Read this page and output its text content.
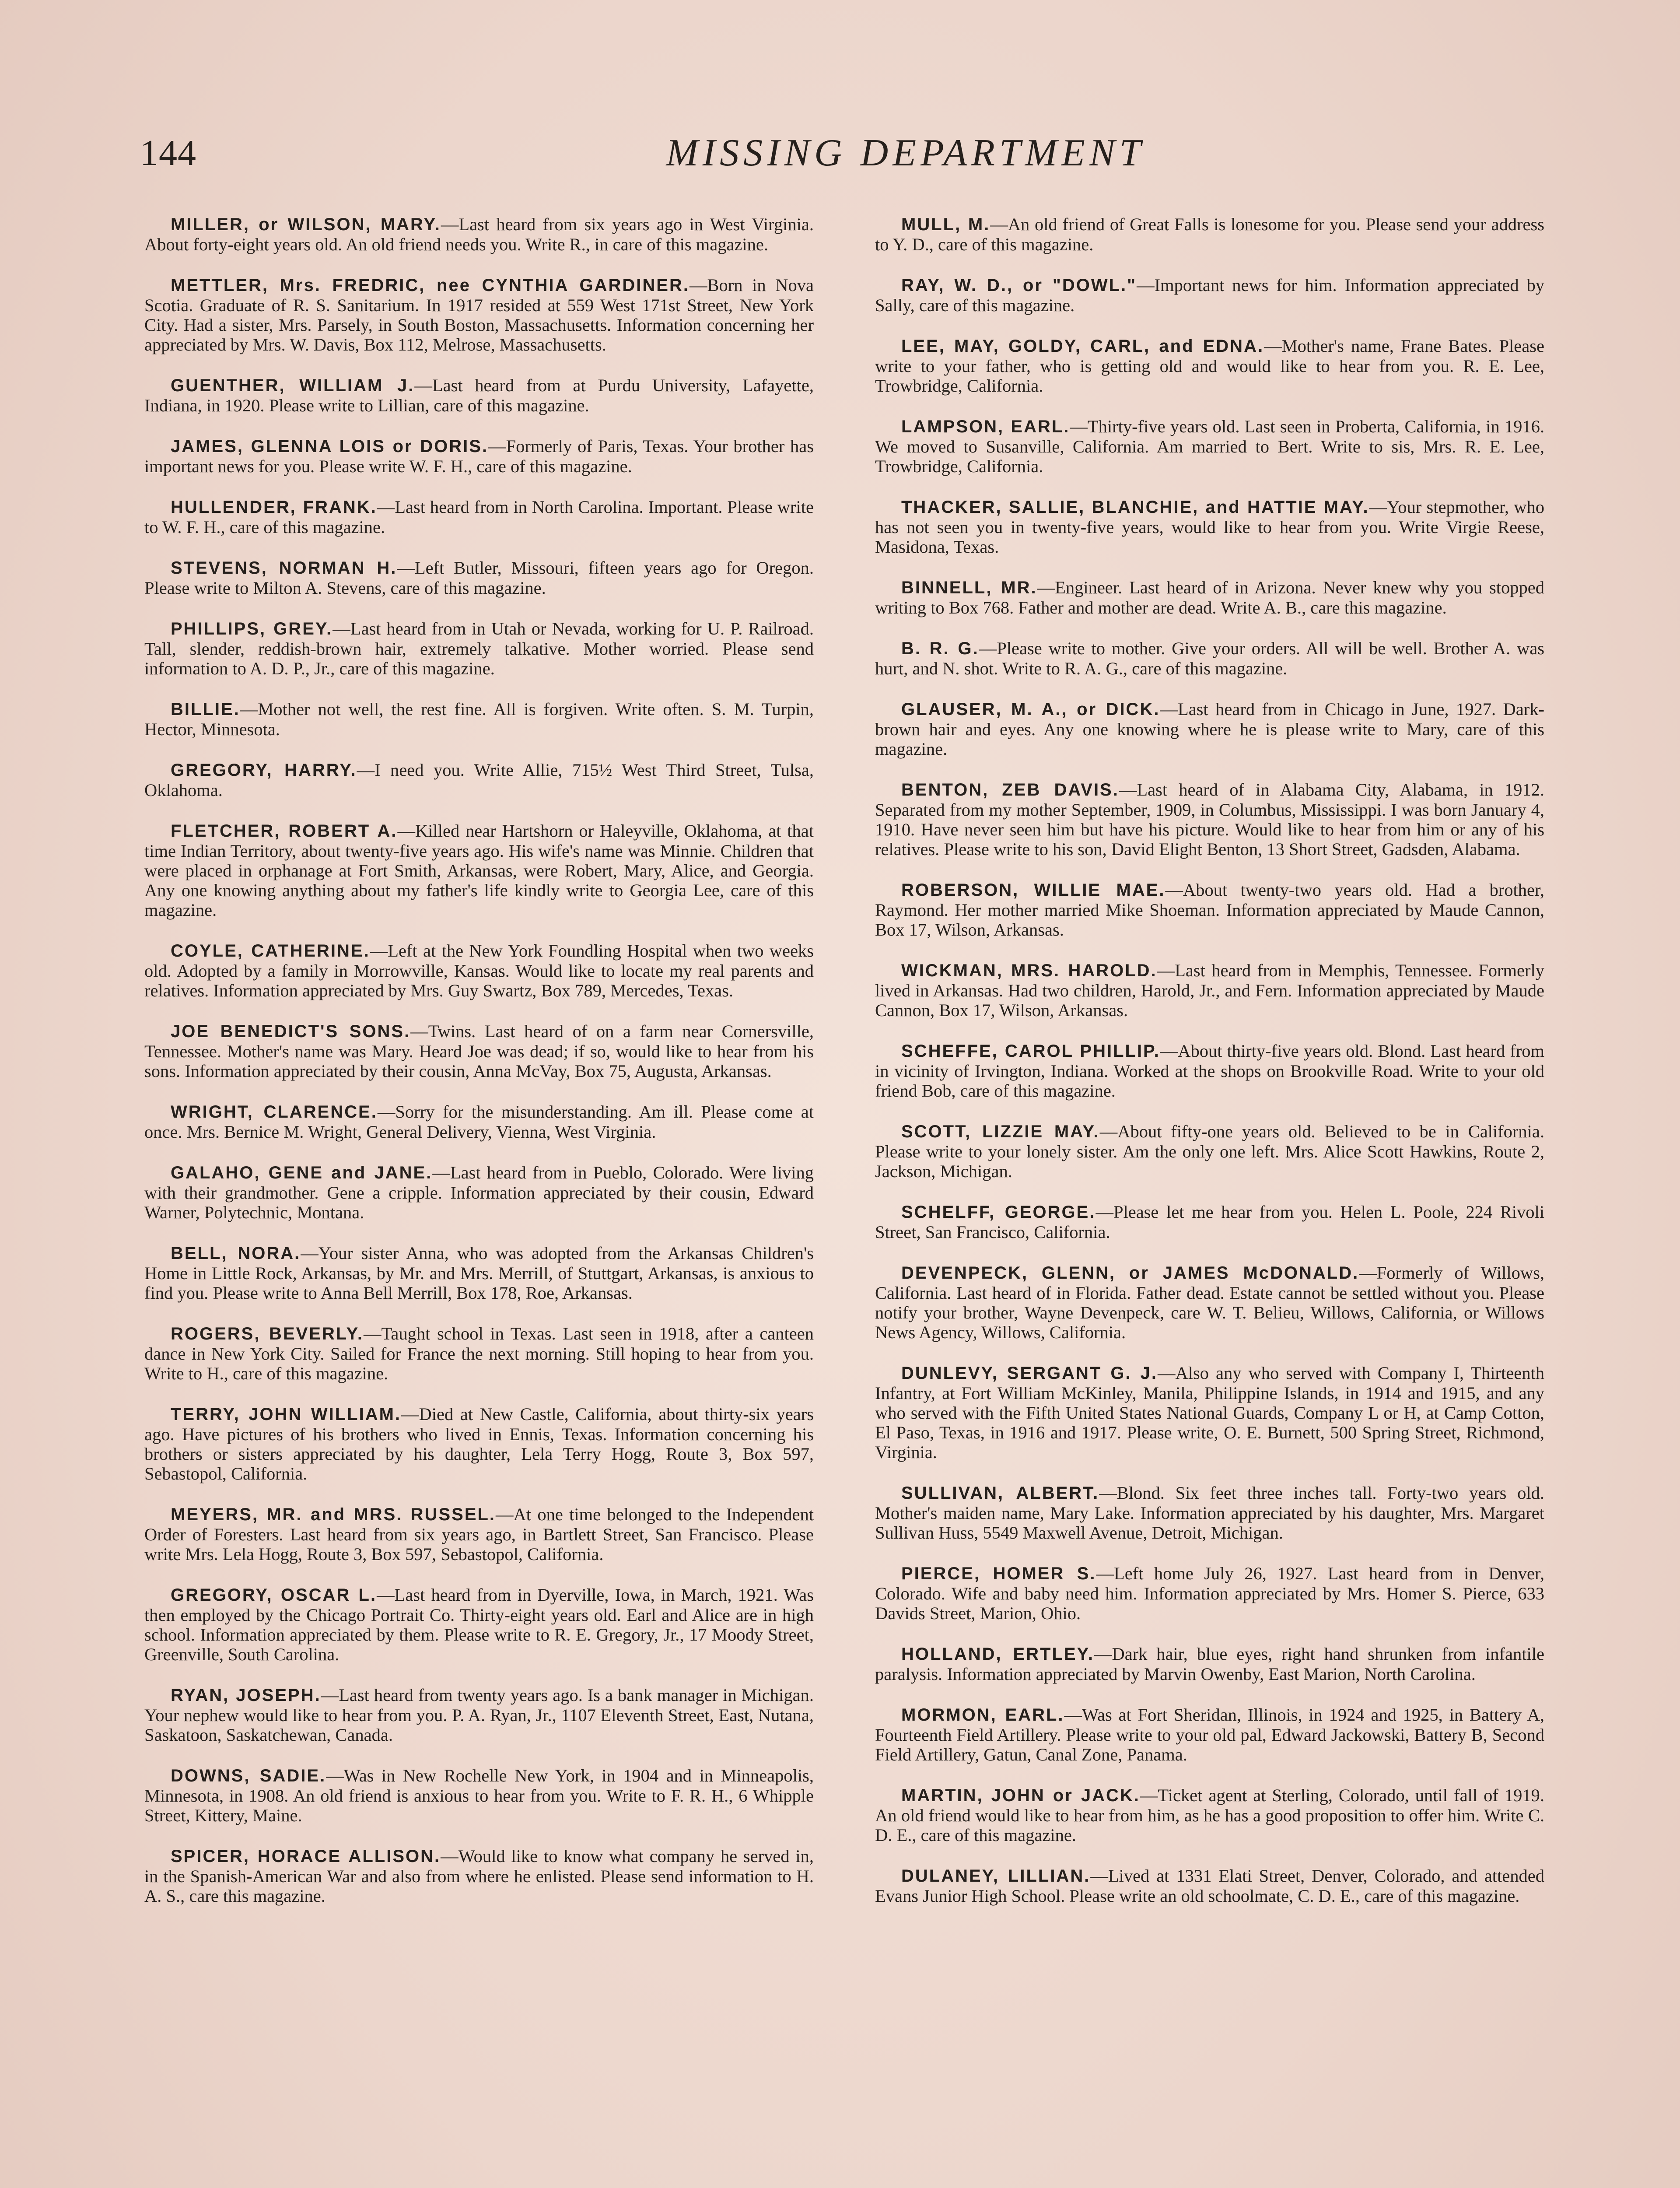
144	MISSING DEPARTMENT

MILLER, or WILSON, MARY.—Last heard from six years ago in West Virginia. About forty-eight years old. An old friend needs you. Write R., in care of this magazine.

METTLER, Mrs. FREDRIC, nee CYNTHIA GARDINER.—Born in Nova Scotia. Graduate of R. S. Sanitarium. In 1917 resided at 559 West 171st Street, New York City. Had a sister, Mrs. Parsely, in South Boston, Massachusetts. Information concerning her appreciated by Mrs. W. Davis, Box 112, Melrose, Massachusetts.

GUENTHER, WILLIAM J.—Last heard from at Purdu University, Lafayette, Indiana, in 1920. Please write to Lillian, care of this magazine.

JAMES, GLENNA LOIS or DORIS.—Formerly of Paris, Texas. Your brother has important news for you. Please write W. F. H., care of this magazine.

HULLENDER, FRANK.—Last heard from in North Carolina. Important. Please write to W. F. H., care of this magazine.

STEVENS, NORMAN H.—Left Butler, Missouri, fifteen years ago for Oregon. Please write to Milton A. Stevens, care of this magazine.

PHILLIPS, GREY.—Last heard from in Utah or Nevada, working for U. P. Railroad. Tall, slender, reddish-brown hair, extremely talkative. Mother worried. Please send information to A. D. P., Jr., care of this magazine.

BILLIE.—Mother not well, the rest fine. All is forgiven. Write often. S. M. Turpin, Hector, Minnesota.

GREGORY, HARRY.—I need you. Write Allie, 715½ West Third Street, Tulsa, Oklahoma.

FLETCHER, ROBERT A.—Killed near Hartshorn or Haleyville, Oklahoma, at that time Indian Territory, about twenty-five years ago. His wife's name was Minnie. Children that were placed in orphanage at Fort Smith, Arkansas, were Robert, Mary, Alice, and Georgia. Any one knowing anything about my father's life kindly write to Georgia Lee, care of this magazine.

COYLE, CATHERINE.—Left at the New York Foundling Hospital when two weeks old. Adopted by a family in Morrowville, Kansas. Would like to locate my real parents and relatives. Information appreciated by Mrs. Guy Swartz, Box 789, Mercedes, Texas.

JOE BENEDICT'S SONS.—Twins. Last heard of on a farm near Cornersville, Tennessee. Mother's name was Mary. Heard Joe was dead; if so, would like to hear from his sons. Information appreciated by their cousin, Anna McVay, Box 75, Augusta, Arkansas.

WRIGHT, CLARENCE.—Sorry for the misunderstanding. Am ill. Please come at once. Mrs. Bernice M. Wright, General Delivery, Vienna, West Virginia.

GALAHO, GENE and JANE.—Last heard from in Pueblo, Colorado. Were living with their grandmother. Gene a cripple. Information appreciated by their cousin, Edward Warner, Polytechnic, Montana.

BELL, NORA.—Your sister Anna, who was adopted from the Arkansas Children's Home in Little Rock, Arkansas, by Mr. and Mrs. Merrill, of Stuttgart, Arkansas, is anxious to find you. Please write to Anna Bell Merrill, Box 178, Roe, Arkansas.

ROGERS, BEVERLY.—Taught school in Texas. Last seen in 1918, after a canteen dance in New York City. Sailed for France the next morning. Still hoping to hear from you. Write to H., care of this magazine.

TERRY, JOHN WILLIAM.—Died at New Castle, California, about thirty-six years ago. Have pictures of his brothers who lived in Ennis, Texas. Information concerning his brothers or sisters appreciated by his daughter, Lela Terry Hogg, Route 3, Box 597, Sebastopol, California.

MEYERS, MR. and MRS. RUSSEL.—At one time belonged to the Independent Order of Foresters. Last heard from six years ago, in Bartlett Street, San Francisco. Please write Mrs. Lela Hogg, Route 3, Box 597, Sebastopol, California.

GREGORY, OSCAR L.—Last heard from in Dyerville, Iowa, in March, 1921. Was then employed by the Chicago Portrait Co. Thirty-eight years old. Earl and Alice are in high school. Information appreciated by them. Please write to R. E. Gregory, Jr., 17 Moody Street, Greenville, South Carolina.

RYAN, JOSEPH.—Last heard from twenty years ago. Is a bank manager in Michigan. Your nephew would like to hear from you. P. A. Ryan, Jr., 1107 Eleventh Street, East, Nutana, Saskatoon, Saskatchewan, Canada.

DOWNS, SADIE.—Was in New Rochelle New York, in 1904 and in Minneapolis, Minnesota, in 1908. An old friend is anxious to hear from you. Write to F. R. H., 6 Whipple Street, Kittery, Maine.

SPICER, HORACE ALLISON.—Would like to know what company he served in, in the Spanish-American War and also from where he enlisted. Please send information to H. A. S., care this magazine.

MULL, M.—An old friend of Great Falls is lonesome for you. Please send your address to Y. D., care of this magazine.

RAY, W. D., or "DOWL."—Important news for him. Information appreciated by Sally, care of this magazine.

LEE, MAY, GOLDY, CARL, and EDNA.—Mother's name, Frane Bates. Please write to your father, who is getting old and would like to hear from you. R. E. Lee, Trowbridge, California.

LAMPSON, EARL.—Thirty-five years old. Last seen in Proberta, California, in 1916. We moved to Susanville, California. Am married to Bert. Write to sis, Mrs. R. E. Lee, Trowbridge, California.

THACKER, SALLIE, BLANCHIE, and HATTIE MAY.—Your stepmother, who has not seen you in twenty-five years, would like to hear from you. Write Virgie Reese, Masidona, Texas.

BINNELL, MR.—Engineer. Last heard of in Arizona. Never knew why you stopped writing to Box 768. Father and mother are dead. Write A. B., care this magazine.

B. R. G.—Please write to mother. Give your orders. All will be well. Brother A. was hurt, and N. shot. Write to R. A. G., care of this magazine.

GLAUSER, M. A., or DICK.—Last heard from in Chicago in June, 1927. Dark-brown hair and eyes. Any one knowing where he is please write to Mary, care of this magazine.

BENTON, ZEB DAVIS.—Last heard of in Alabama City, Alabama, in 1912. Separated from my mother September, 1909, in Columbus, Mississippi. I was born January 4, 1910. Have never seen him but have his picture. Would like to hear from him or any of his relatives. Please write to his son, David Elight Benton, 13 Short Street, Gadsden, Alabama.

ROBERSON, WILLIE MAE.—About twenty-two years old. Had a brother, Raymond. Her mother married Mike Shoeman. Information appreciated by Maude Cannon, Box 17, Wilson, Arkansas.

WICKMAN, MRS. HAROLD.—Last heard from in Memphis, Tennessee. Formerly lived in Arkansas. Had two children, Harold, Jr., and Fern. Information appreciated by Maude Cannon, Box 17, Wilson, Arkansas.

SCHEFFE, CAROL PHILLIP.—About thirty-five years old. Blond. Last heard from in vicinity of Irvington, Indiana. Worked at the shops on Brookville Road. Write to your old friend Bob, care of this magazine.

SCOTT, LIZZIE MAY.—About fifty-one years old. Believed to be in California. Please write to your lonely sister. Am the only one left. Mrs. Alice Scott Hawkins, Route 2, Jackson, Michigan.

SCHELFF, GEORGE.—Please let me hear from you. Helen L. Poole, 224 Rivoli Street, San Francisco, California.

DEVENPECK, GLENN, or JAMES McDONALD.—Formerly of Willows, California. Last heard of in Florida. Father dead. Estate cannot be settled without you. Please notify your brother, Wayne Devenpeck, care W. T. Belieu, Willows, California, or Willows News Agency, Willows, California.

DUNLEVY, SERGANT G. J.—Also any who served with Company I, Thirteenth Infantry, at Fort William McKinley, Manila, Philippine Islands, in 1914 and 1915, and any who served with the Fifth United States National Guards, Company L or H, at Camp Cotton, El Paso, Texas, in 1916 and 1917. Please write, O. E. Burnett, 500 Spring Street, Richmond, Virginia.

SULLIVAN, ALBERT.—Blond. Six feet three inches tall. Forty-two years old. Mother's maiden name, Mary Lake. Information appreciated by his daughter, Mrs. Margaret Sullivan Huss, 5549 Maxwell Avenue, Detroit, Michigan.

PIERCE, HOMER S.—Left home July 26, 1927. Last heard from in Denver, Colorado. Wife and baby need him. Information appreciated by Mrs. Homer S. Pierce, 633 Davids Street, Marion, Ohio.

HOLLAND, ERTLEY.—Dark hair, blue eyes, right hand shrunken from infantile paralysis. Information appreciated by Marvin Owenby, East Marion, North Carolina.

MORMON, EARL.—Was at Fort Sheridan, Illinois, in 1924 and 1925, in Battery A, Fourteenth Field Artillery. Please write to your old pal, Edward Jackowski, Battery B, Second Field Artillery, Gatun, Canal Zone, Panama.

MARTIN, JOHN or JACK.—Ticket agent at Sterling, Colorado, until fall of 1919. An old friend would like to hear from him, as he has a good proposition to offer him. Write C. D. E., care of this magazine.

DULANEY, LILLIAN.—Lived at 1331 Elati Street, Denver, Colorado, and attended Evans Junior High School. Please write an old schoolmate, C. D. E., care of this magazine.
